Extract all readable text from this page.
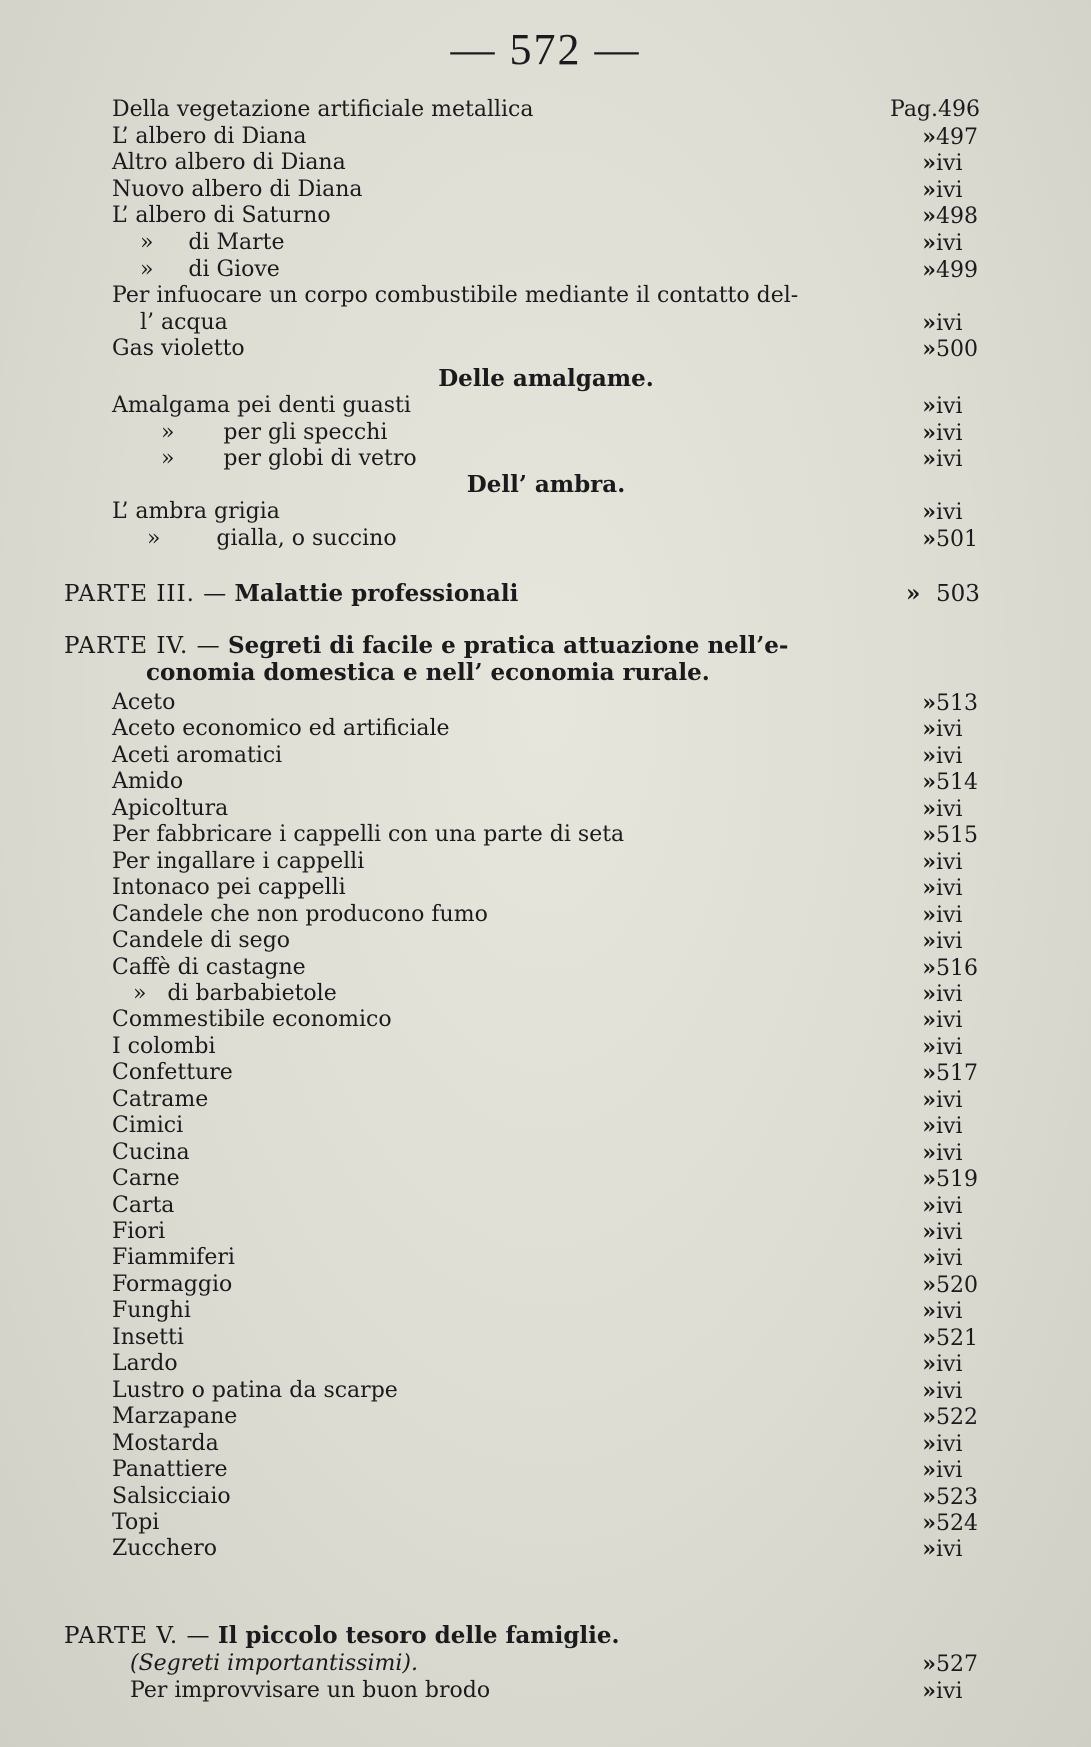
— 572 —
Della vegetazione artificiale metallica	Pag.496
L’ albero di Diana	»497
Altro albero di Diana	»ivi
Nuovo albero di Diana	»ivi
L’ albero di Saturno	»498
»     di Marte	»ivi
»     di Giove	»499
Per infuocare un corpo combustibile mediante il contatto del-
l’ acqua	»ivi
Gas violetto	»500
Delle amalgame.
Amalgama pei denti guasti	»ivi
»       per gli specchi	»ivi
»       per globi di vetro	»ivi
Dell’ ambra.
L’ ambra grigia	»ivi
»        gialla, o succino	»501
PARTE III. — Malattie professionali	» 503
PARTE IV. — Segreti di facile e pratica attuazione nell’e-
conomia domestica e nell’ economia rurale.
Aceto	»513
Aceto economico ed artificiale	»ivi
Aceti aromatici	»ivi
Amido	»514
Apicoltura	»ivi
Per fabbricare i cappelli con una parte di seta	»515
Per ingallare i cappelli	»ivi
Intonaco pei cappelli	»ivi
Candele che non producono fumo	»ivi
Candele di sego	»ivi
Caffè di castagne	»516
»   di barbabietole	»ivi
Commestibile economico	»ivi
I colombi	»ivi
Confetture	»517
Catrame	»ivi
Cimici	»ivi
Cucina	»ivi
Carne	»519
Carta	»ivi
Fiori	»ivi
Fiammiferi	»ivi
Formaggio	»520
Funghi	»ivi
Insetti	»521
Lardo	»ivi
Lustro o patina da scarpe	»ivi
Marzapane	»522
Mostarda	»ivi
Panattiere	»ivi
Salsicciaio	»523
Topi	»524
Zucchero	»ivi
PARTE V. — Il piccolo tesoro delle famiglie.
(Segreti importantissimi).	»527
Per improvvisare un buon brodo	»ivi
